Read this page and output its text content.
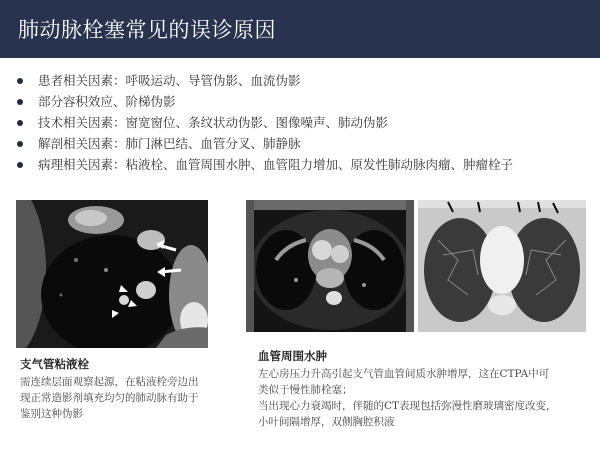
肺动脉栓塞常见的误诊原因
患者相关因素：呼吸运动、导管伪影、血流伪影
部分容积效应、阶梯伪影
技术相关因素：窗宽窗位、条纹状动伪影、图像噪声、肺动伪影
解剖相关因素：肺门淋巴结、血管分叉、肺静脉
病理相关因素：粘液栓、血管周围水肿、血管阻力增加、原发性肺动脉肉瘤、肿瘤栓子
支气管粘液栓
需连续层面观察起源，在粘液栓旁边出
现正常造影剂填充均匀的肺动脉有助于
鉴别这种伪影
血管周围水肿
左心房压力升高引起支气管血管间质水肿增厚，这在CTPA中可
类似于慢性肺栓塞；
当出现心力衰竭时，伴随的CT表现包括弥漫性磨玻璃密度改变，
小叶间隔增厚，双侧胸腔积液
